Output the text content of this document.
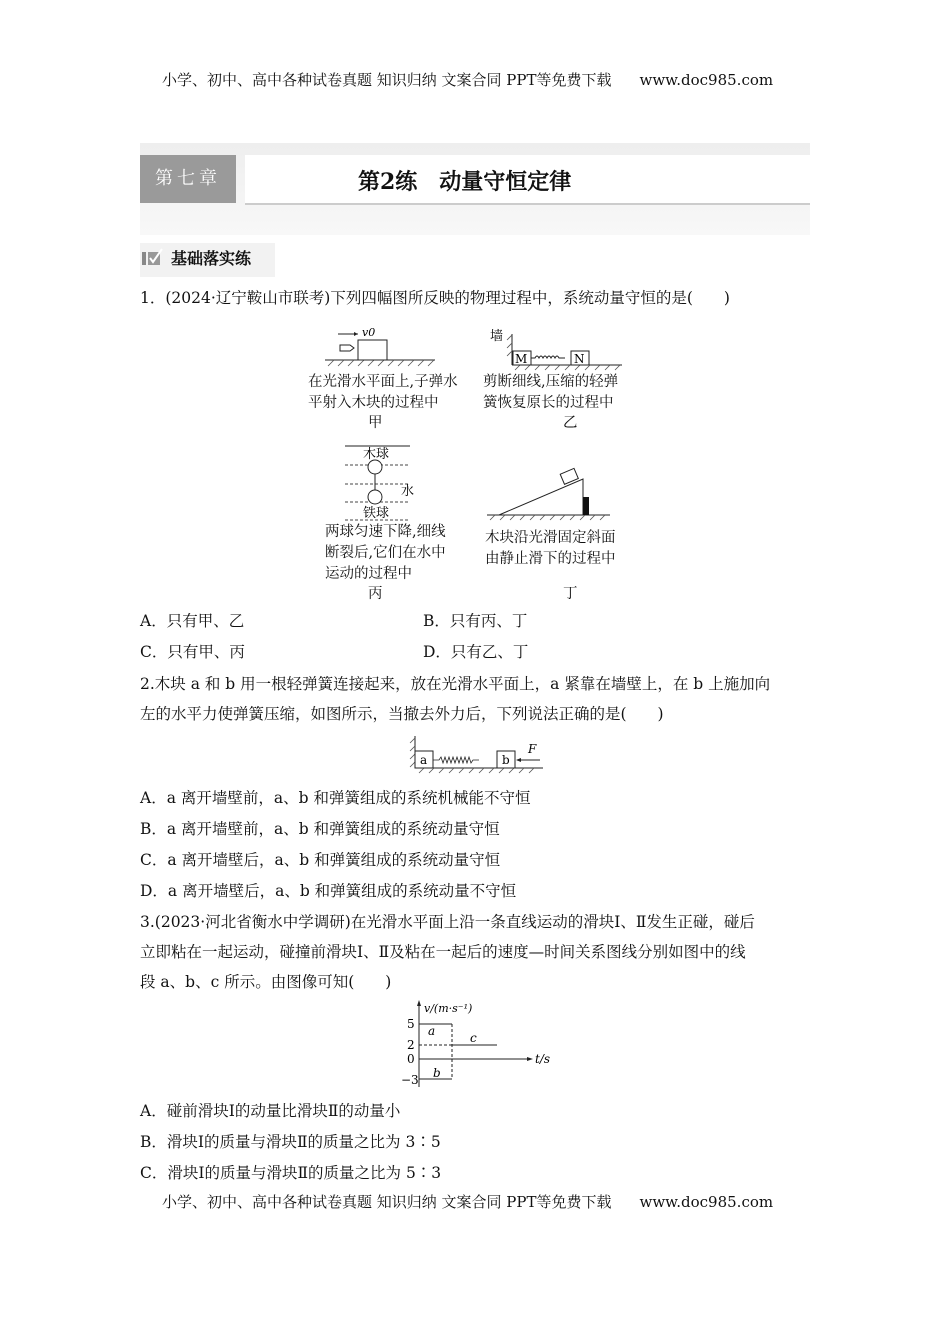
小学、初中、高中各种试卷真题 知识归纳 文案合同 PPT等免费下载 www.doc985.com
第七章	第2练　动量守恒定律
基础落实练
1．(2024·辽宁鞍山市联考)下列四幅图所反映的物理过程中，系统动量守恒的是(　　)
v0	墙
M	N
木球
水
铁球
在光滑水平面上,子弹水
平射入木块的过程中
甲
剪断细线,压缩的轻弹
簧恢复原长的过程中
乙
两球匀速下降,细线
断裂后,它们在水中
运动的过程中
丙
木块沿光滑固定斜面
由静止滑下的过程中
丁
A．只有甲、乙	B．只有丙、丁
C．只有甲、丙	D．只有乙、丁
2.木块 a 和 b 用一根轻弹簧连接起来，放在光滑水平面上，a 紧靠在墙壁上，在 b 上施加向
左的水平力使弹簧压缩，如图所示，当撤去外力后，下列说法正确的是(　　)
a	b
F
A．a 离开墙壁前，a、b 和弹簧组成的系统机械能不守恒
B．a 离开墙壁前，a、b 和弹簧组成的系统动量守恒
C．a 离开墙壁后，a、b 和弹簧组成的系统动量守恒
D．a 离开墙壁后，a、b 和弹簧组成的系统动量不守恒
3.(2023·河北省衡水中学调研)在光滑水平面上沿一条直线运动的滑块Ⅰ、Ⅱ发生正碰，碰后
立即粘在一起运动，碰撞前滑块Ⅰ、Ⅱ及粘在一起后的速度—时间关系图线分别如图中的线
段 a、b、c 所示。由图像可知(　　)
v/(m·s⁻¹)
t/s
5
2
0
−3
a	c
b
A．碰前滑块Ⅰ的动量比滑块Ⅱ的动量小
B．滑块Ⅰ的质量与滑块Ⅱ的质量之比为 3∶5
C．滑块Ⅰ的质量与滑块Ⅱ的质量之比为 5∶3
小学、初中、高中各种试卷真题 知识归纳 文案合同 PPT等免费下载 www.doc985.com
